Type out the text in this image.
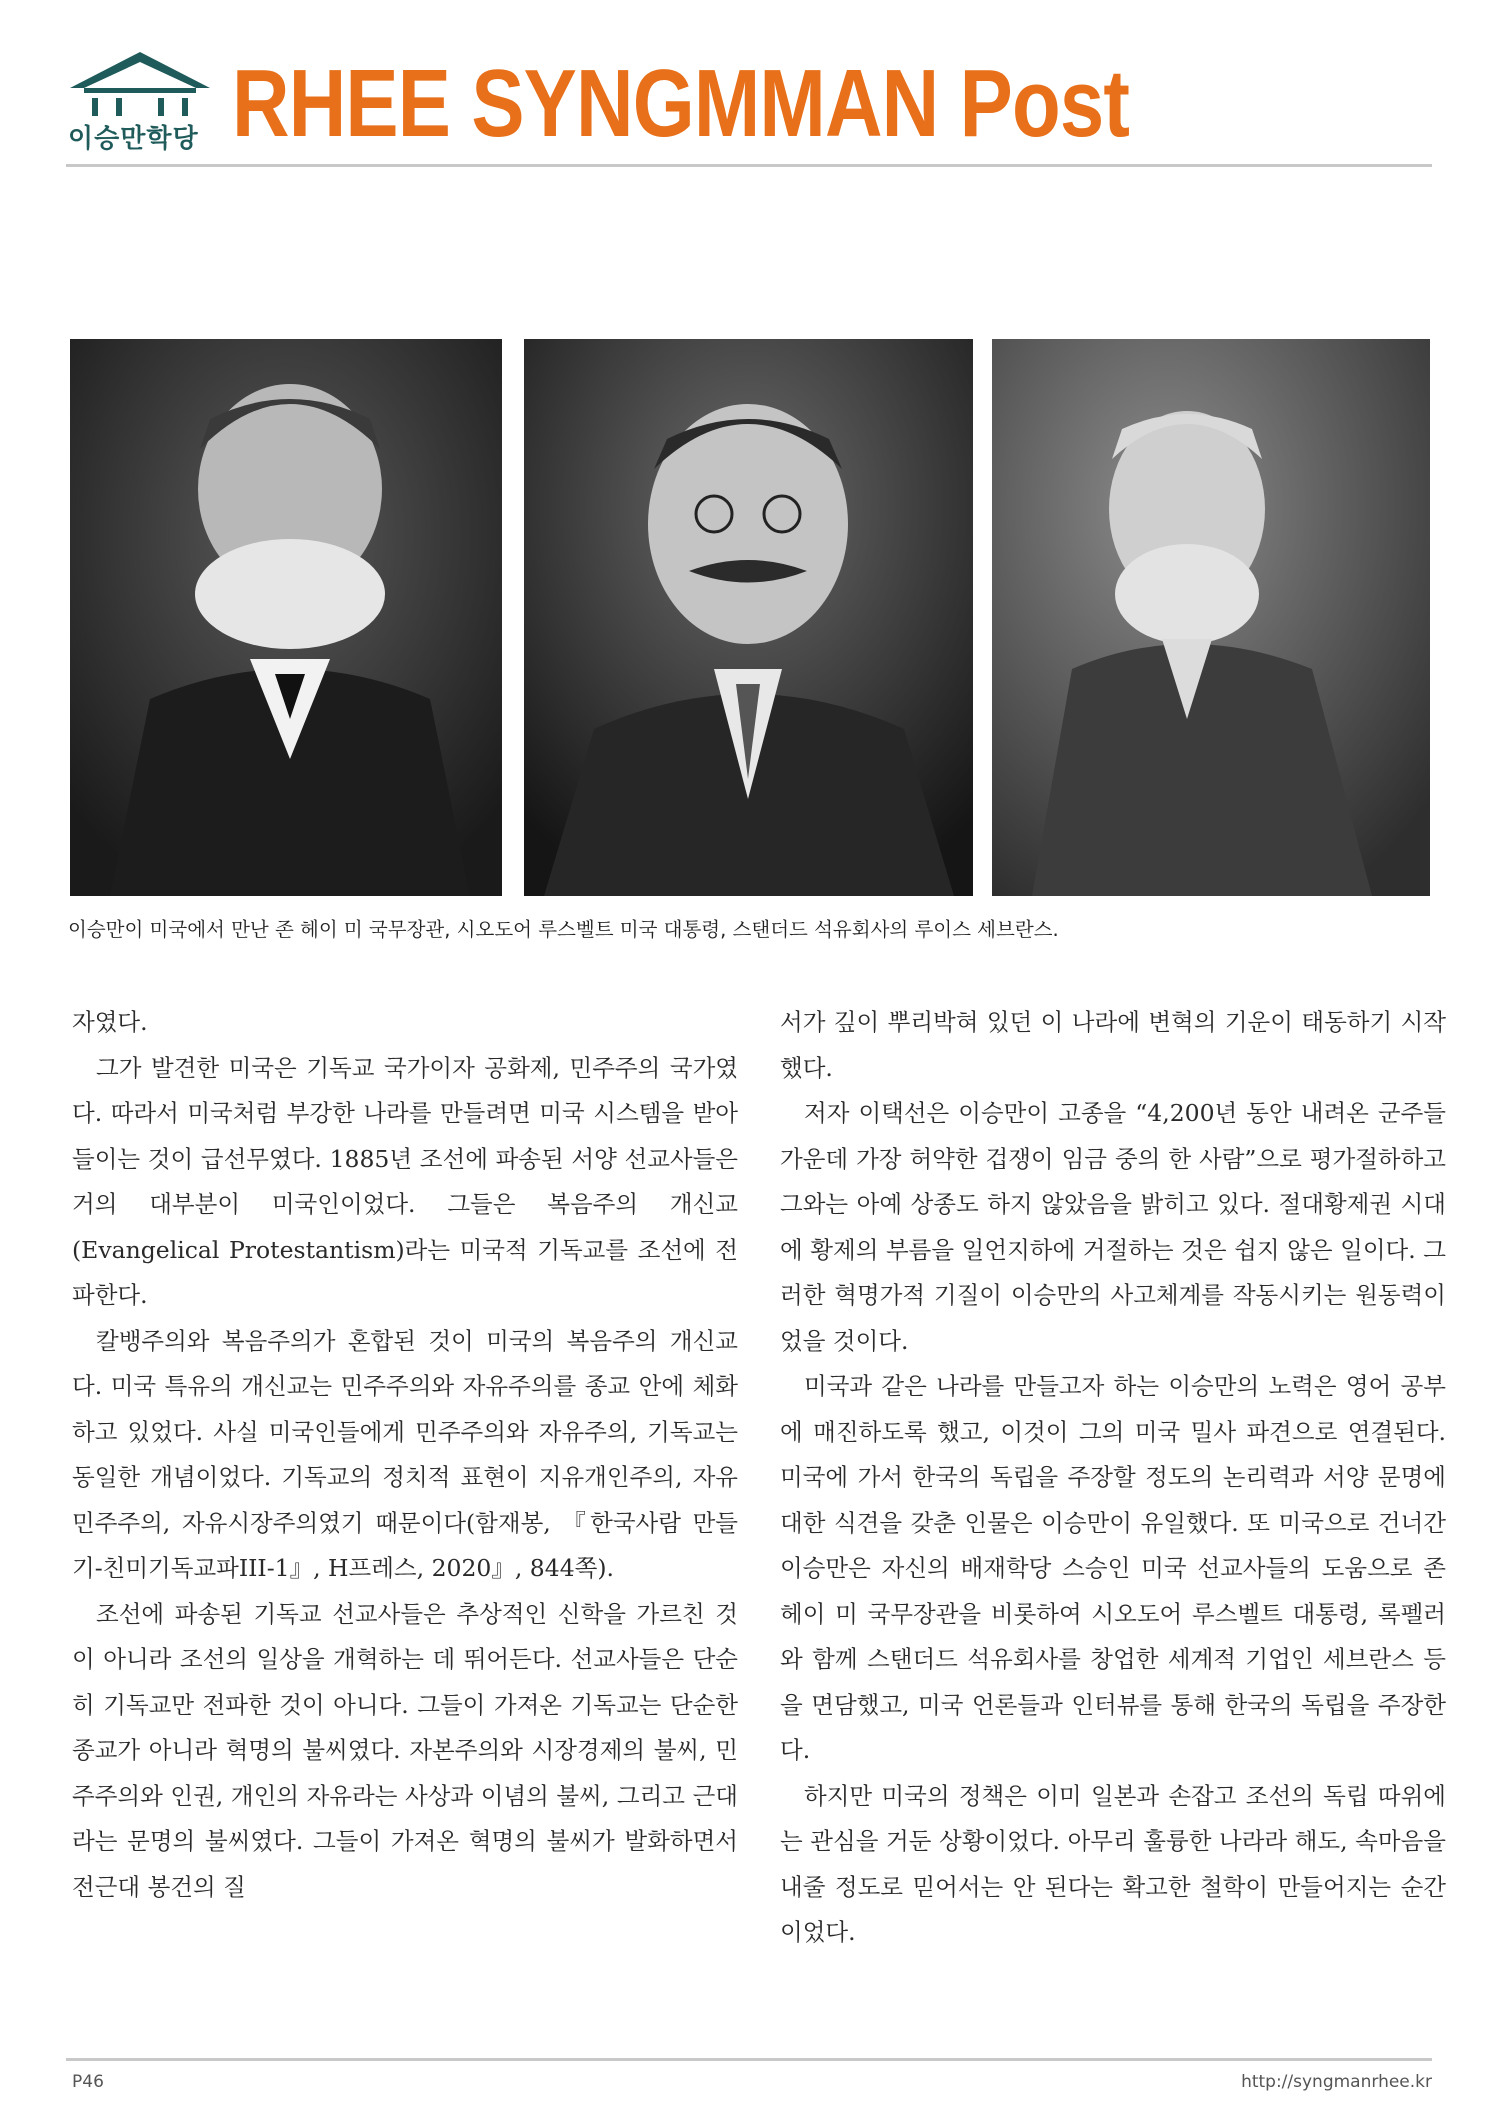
이승만학당 RHEE SYNGMMAN Post
이승만이 미국에서 만난 존 헤이 미 국무장관, 시오도어 루스벨트 미국 대통령, 스탠더드 석유회사의 루이스 세브란스.

자였다.

그가 발견한 미국은 기독교 국가이자 공화제, 민주주의 국가였다. 따라서 미국처럼 부강한 나라를 만들려면 미국 시스템을 받아들이는 것이 급선무였다. 1885년 조선에 파송된 서양 선교사들은 거의 대부분이 미국인이었다. 그들은 복음주의 개신교(Evangelical Protestantism)라는 미국적 기독교를 조선에 전파한다.

칼뱅주의와 복음주의가 혼합된 것이 미국의 복음주의 개신교다. 미국 특유의 개신교는 민주주의와 자유주의를 종교 안에 체화하고 있었다. 사실 미국인들에게 민주주의와 자유주의, 기독교는 동일한 개념이었다. 기독교의 정치적 표현이 지유개인주의, 자유민주주의, 자유시장주의였기 때문이다(함재봉, 『한국사람 만들기-친미기독교파III-1』, H프레스, 2020』, 844쪽).

조선에 파송된 기독교 선교사들은 추상적인 신학을 가르친 것이 아니라 조선의 일상을 개혁하는 데 뛰어든다. 선교사들은 단순히 기독교만 전파한 것이 아니다. 그들이 가져온 기독교는 단순한 종교가 아니라 혁명의 불씨였다. 자본주의와 시장경제의 불씨, 민주주의와 인권, 개인의 자유라는 사상과 이념의 불씨, 그리고 근대라는 문명의 불씨였다. 그들이 가져온 혁명의 불씨가 발화하면서 전근대 봉건의 질

서가 깊이 뿌리박혀 있던 이 나라에 변혁의 기운이 태동하기 시작했다.

저자 이택선은 이승만이 고종을 “4,200년 동안 내려온 군주들 가운데 가장 허약한 겁쟁이 임금 중의 한 사람”으로 평가절하하고 그와는 아예 상종도 하지 않았음을 밝히고 있다. 절대황제권 시대에 황제의 부름을 일언지하에 거절하는 것은 쉽지 않은 일이다. 그러한 혁명가적 기질이 이승만의 사고체계를 작동시키는 원동력이었을 것이다.

미국과 같은 나라를 만들고자 하는 이승만의 노력은 영어 공부에 매진하도록 했고, 이것이 그의 미국 밀사 파견으로 연결된다. 미국에 가서 한국의 독립을 주장할 정도의 논리력과 서양 문명에 대한 식견을 갖춘 인물은 이승만이 유일했다. 또 미국으로 건너간 이승만은 자신의 배재학당 스승인 미국 선교사들의 도움으로 존 헤이 미 국무장관을 비롯하여 시오도어 루스벨트 대통령, 록펠러와 함께 스탠더드 석유회사를 창업한 세계적 기업인 세브란스 등을 면담했고, 미국 언론들과 인터뷰를 통해 한국의 독립을 주장한다.

하지만 미국의 정책은 이미 일본과 손잡고 조선의 독립 따위에는 관심을 거둔 상황이었다. 아무리 훌륭한 나라라 해도, 속마음을 내줄 정도로 믿어서는 안 된다는 확고한 철학이 만들어지는 순간이었다.

P46	http://syngmanrhee.kr
